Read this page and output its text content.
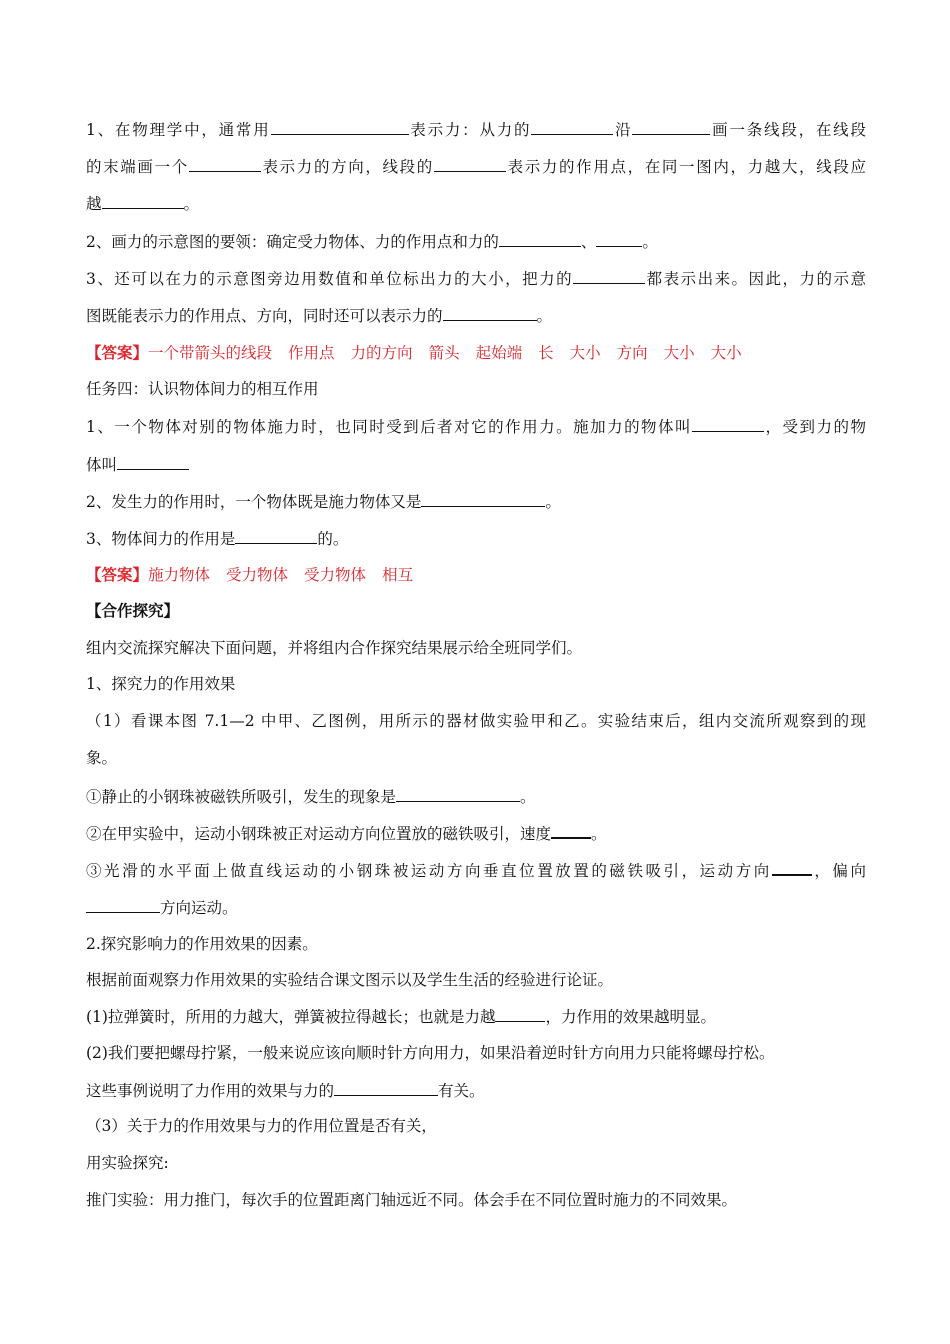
1、在物理学中，通常用	表示力：从力的	沿	画一条线段，在线段
的末端画一个	表示力的方向，线段的	表示力的作用点，在同一图内，力越大，线段应
越	。
2、画力的示意图的要领：确定受力物体、力的作用点和力的	、	。
3、还可以在力的示意图旁边用数值和单位标出力的大小，把力的	都表示出来。因此，力的示意
图既能表示力的作用点、方向，同时还可以表示力的	。
【答案】一个带箭头的线段 作用点 力的方向 箭头 起始端 长 大小 方向 大小 大小
任务四：认识物体间力的相互作用
1、一个物体对别的物体施力时，也同时受到后者对它的作用力。施加力的物体叫	，受到力的物
体叫
2、发生力的作用时，一个物体既是施力物体又是	。
3、物体间力的作用是	的。
【答案】施力物体 受力物体 受力物体 相互
【合作探究】
组内交流探究解决下面问题，并将组内合作探究结果展示给全班同学们。
1、探究力的作用效果
（1）看课本图 7.1—2 中甲、乙图例，用所示的器材做实验甲和乙。实验结束后，组内交流所观察到的现
象。
①静止的小钢珠被磁铁所吸引，发生的现象是	。
②在甲实验中，运动小钢珠被正对运动方向位置放的磁铁吸引，速度	。
③光滑的水平面上做直线运动的小钢珠被运动方向垂直位置放置的磁铁吸引，运动方向	，偏向
方向运动。
2.探究影响力的作用效果的因素。
根据前面观察力作用效果的实验结合课文图示以及学生生活的经验进行论证。
(1)拉弹簧时，所用的力越大，弹簧被拉得越长；也就是力越	，力作用的效果越明显。
(2)我们要把螺母拧紧，一般来说应该向顺时针方向用力，如果沿着逆时针方向用力只能将螺母拧松。
这些事例说明了力作用的效果与力的	有关。
（3）关于力的作用效果与力的作用位置是否有关，
用实验探究:
推门实验：用力推门，每次手的位置距离门轴远近不同。体会手在不同位置时施力的不同效果。
